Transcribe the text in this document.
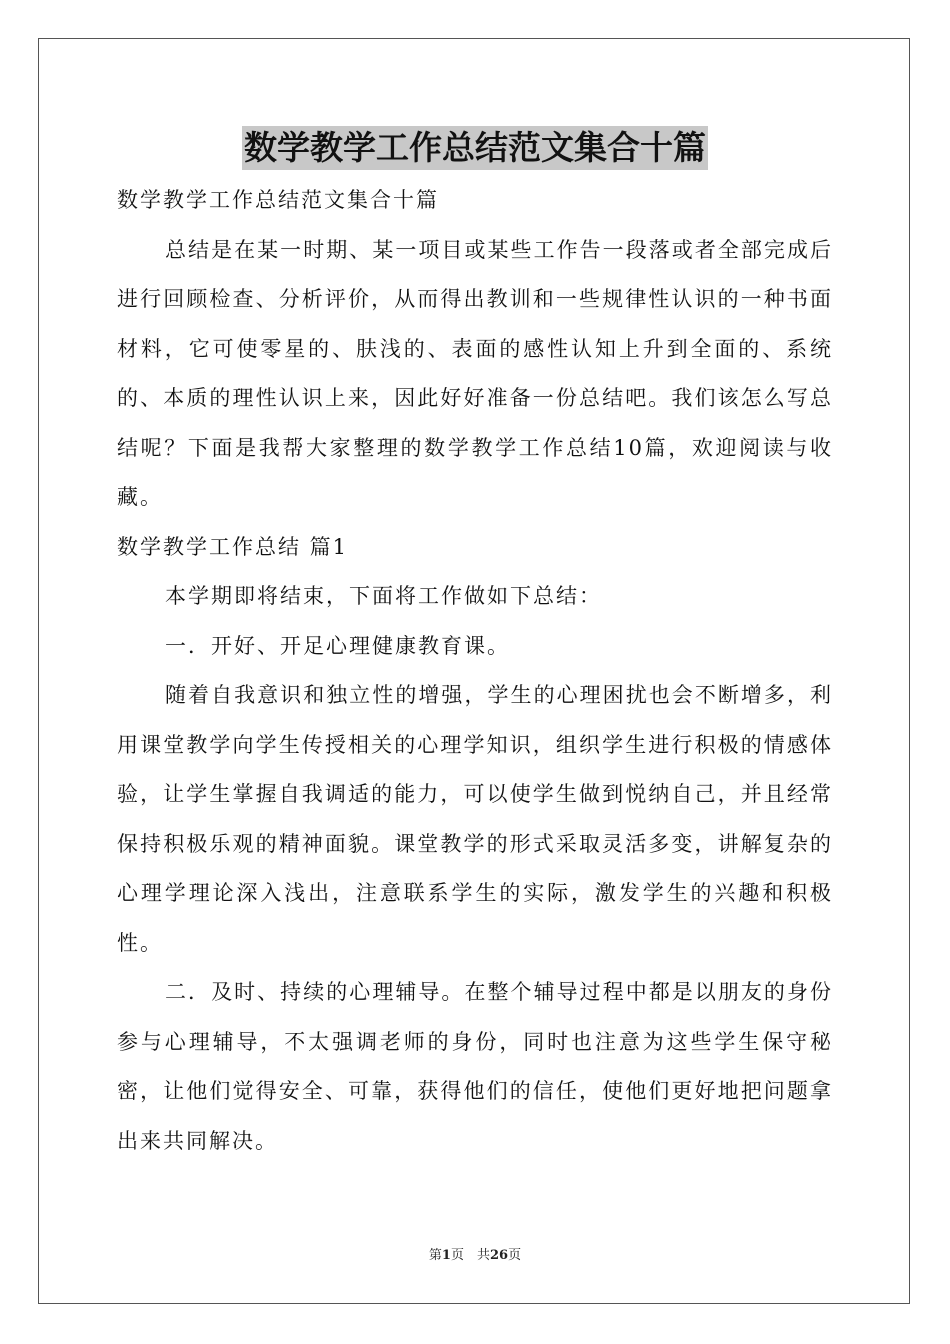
数学教学工作总结范文集合十篇

数学教学工作总结范文集合十篇

总结是在某一时期、某一项目或某些工作告一段落或者全部完成后进行回顾检查、分析评价，从而得出教训和一些规律性认识的一种书面材料，它可使零星的、肤浅的、表面的感性认知上升到全面的、系统的、本质的理性认识上来，因此好好准备一份总结吧。我们该怎么写总结呢？下面是我帮大家整理的数学教学工作总结10篇，欢迎阅读与收藏。

数学教学工作总结 篇1

本学期即将结束，下面将工作做如下总结：

一．开好、开足心理健康教育课。

随着自我意识和独立性的增强，学生的心理困扰也会不断增多，利用课堂教学向学生传授相关的心理学知识，组织学生进行积极的情感体验，让学生掌握自我调适的能力，可以使学生做到悦纳自己，并且经常保持积极乐观的精神面貌。课堂教学的形式采取灵活多变，讲解复杂的心理学理论深入浅出，注意联系学生的实际，激发学生的兴趣和积极性。

二．及时、持续的心理辅导。在整个辅导过程中都是以朋友的身份参与心理辅导，不太强调老师的身份，同时也注意为这些学生保守秘密，让他们觉得安全、可靠，获得他们的信任，使他们更好地把问题拿出来共同解决。

第1页　共26页
